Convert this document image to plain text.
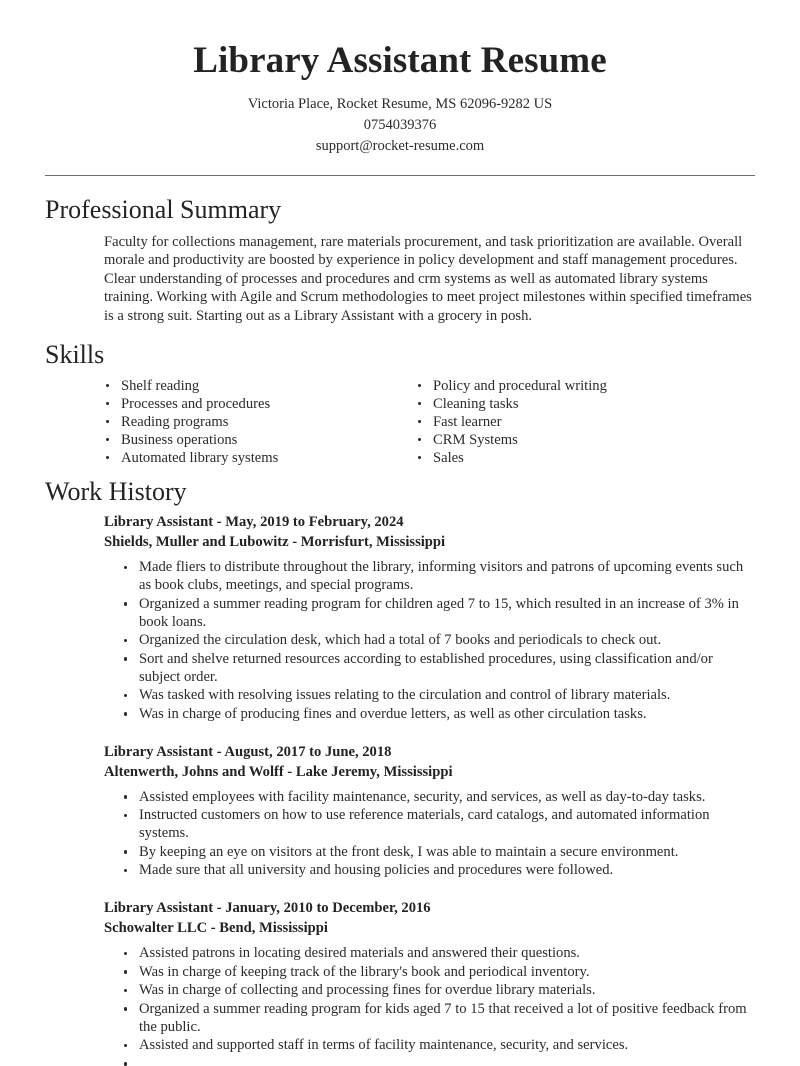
Library Assistant Resume
Victoria Place, Rocket Resume, MS 62096-9282 US
0754039376
support@rocket-resume.com
Professional Summary

Faculty for collections management, rare materials procurement, and task prioritization are available. Overall morale and productivity are boosted by experience in policy development and staff management procedures. Clear understanding of processes and procedures and crm systems as well as automated library systems training. Working with Agile and Scrum methodologies to meet project milestones within specified timeframes is a strong suit. Starting out as a Library Assistant with a grocery in posh.

Skills
Shelf reading
Processes and procedures
Reading programs
Business operations
Automated library systems
Policy and procedural writing
Cleaning tasks
Fast learner
CRM Systems
Sales
Work History
Library Assistant - May, 2019 to February, 2024
Shields, Muller and Lubowitz - Morrisfurt, Mississippi
Made fliers to distribute throughout the library, informing visitors and patrons of upcoming events such as book clubs, meetings, and special programs.
Organized a summer reading program for children aged 7 to 15, which resulted in an increase of 3% in book loans.
Organized the circulation desk, which had a total of 7 books and periodicals to check out.
Sort and shelve returned resources according to established procedures, using classification and/or subject order.
Was tasked with resolving issues relating to the circulation and control of library materials.
Was in charge of producing fines and overdue letters, as well as other circulation tasks.
Library Assistant - August, 2017 to June, 2018
Altenwerth, Johns and Wolff - Lake Jeremy, Mississippi
Assisted employees with facility maintenance, security, and services, as well as day-to-day tasks.
Instructed customers on how to use reference materials, card catalogs, and automated information systems.
By keeping an eye on visitors at the front desk, I was able to maintain a secure environment.
Made sure that all university and housing policies and procedures were followed.
Library Assistant - January, 2010 to December, 2016
Schowalter LLC - Bend, Mississippi
Assisted patrons in locating desired materials and answered their questions.
Was in charge of keeping track of the library's book and periodical inventory.
Was in charge of collecting and processing fines for overdue library materials.
Organized a summer reading program for kids aged 7 to 15 that received a lot of positive feedback from the public.
Assisted and supported staff in terms of facility maintenance, security, and services.
